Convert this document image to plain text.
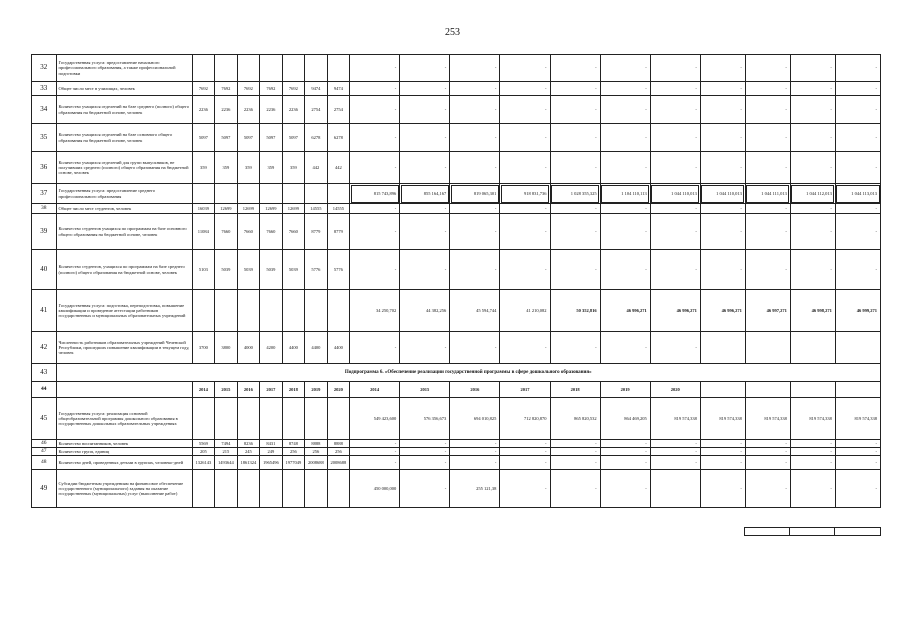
253
32	Государственная услуга: предоставление начального профессионального образования, а также профессиональной подготовки								-	-	-	-	-	-	-	-	-	-	-
33	Общее число мест в училищах, человек	7692	7692	7692	7692	7692	9474	9474	-	-	-	-	-	-	-	-	-	-	-
34	Количество учащихся отделений на базе среднего (полного) общего образования на бюджетной основе, человек	2236	2236	2236	2236	2236	2754	2754	-	-	-	-	-	-	-	-	-	-	-
35	Количество учащихся отделений на базе основного общего образования на бюджетной основе, человек	5097	5097	5097	5097	5097	6278	6278	-	-	-	-	-	-	-	-	-	-	-
36	Количество учащихся отделений для групп выпускников, не получивших среднего (полного) общего образования на бюджетной основе, человек	359	359	359	359	359	442	442	-	-	-	-	-	-	-	-	-	-	-
37	Государственная услуга: предоставление среднего профессионального образования								815 743,896	855 164,167	819 065,301	918 831,736	1 028 355,325	1 104 110,113	1 044 110,013	1 044 110,013	1 044 111,013	1 044 112,013	1 044 113,013
38	Общее число мест студентов, человек	16039	12699	12699	12699	12699	14555	14555	-	-	-	-	-	-	-	-	-	-	-
39	Количество студентов учащихся по программам на базе основного общего образования на бюджетной основе, человек	11084	7660	7660	7660	7660	8779	8779	-	-	-	-	-	-	-	-	-	-	-
40	Количество студентов, учащихся по программам на базе среднего (полного) общего образования на бюджетной основе, человек	5103	5039	5039	5039	5039	5776	5776	-	-	-	-	-	-	-	-	-	-	-
41	Государственная услуга: подготовка, переподготовка, повышение квалификации и проведение аттестации работников государственных и муниципальных образовательных учреждений								34 250,702	44 382,256	45 594,744	41 210,082	50 352,816	46 996,271	46 996,271	46 996,271	46 997,271	46 998,271	46 999,271
42	Численность работников образовательных учреждений Чеченской Республики, прошедших повышение квалификации в текущем году, человек	3700	3800	4000	4200	4400	4400	4400	-	-	-	-	-	-	-				
43	Подпрограмма 6. «Обеспечение реализации государственной программы в сфере дошкольного образования»																		
44		2014	2015	2016	2017	2018	2019	2020	2014	2015	2016	2017	2018	2019	2020				
45	Государственная услуга: реализация основной общеобразовательной программы дошкольного образования в государственных дошкольных образовательных учреждениях								549 423,600	576 356,673	694 010,825	712 820,870	865 820,532	864 469,205	819 574,338	819 574,338	819 574,338	819 574,338	819 574,338
46	Количество воспитанников, человек	5569	7494	8236	8431	8748	8888	8888	-	-	-	-	-	-	-	-	-	-	-
47	Количество групп, единиц	205	215	245	249	256	256	256	-	-	-	-	-	-	-	-	-	-	-
48	Количество дней, проведенных детьми в группах, человеко-дней	1326143	1493644	1861324	1965496	1977049	2008688	2008688	-	-	-	-	-	-	-	-	-	-	-
49	Субсидии бюджетным учреждениям на финансовое обеспечение государственного (муниципального) задания на оказание государственных (муниципальных) услуг (выполнение работ)								450 000,000	-	255 121,38	-	-	-		-	-	-	-
